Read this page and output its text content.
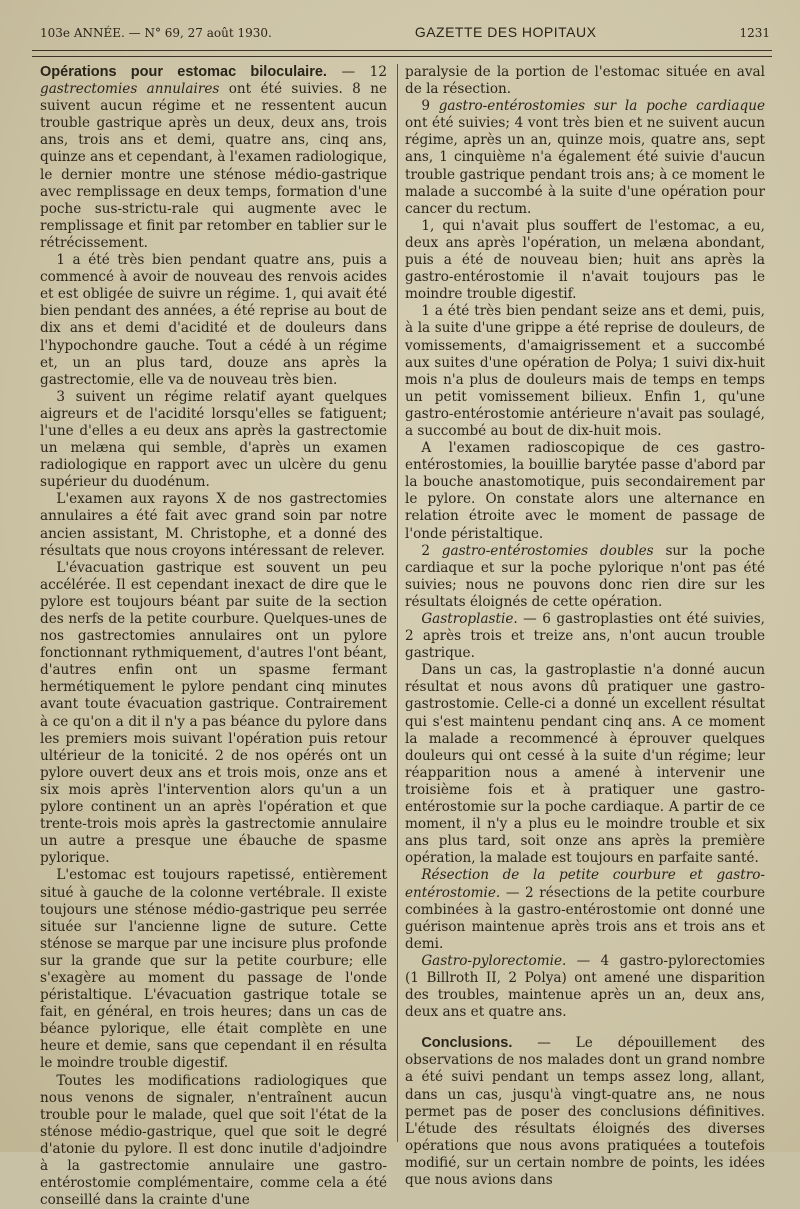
103e ANNÉE. — N° 69, 27 août 1930.	GAZETTE DES HOPITAUX	1231

Opérations pour estomac biloculaire. — 12 gastrectomies annulaires ont été suivies. 8 ne suivent aucun régime et ne ressentent aucun trouble gastrique après un deux, deux ans, trois ans, trois ans et demi, quatre ans, cinq ans, quinze ans et cependant, à l'examen radiologique, le dernier montre une sténose médio-gastrique avec remplissage en deux temps, formation d'une poche sus-strictu-rale qui augmente avec le remplissage et finit par retomber en tablier sur le rétrécissement.

1 a été très bien pendant quatre ans, puis a commencé à avoir de nouveau des renvois acides et est obligée de suivre un régime. 1, qui avait été bien pendant des années, a été reprise au bout de dix ans et demi d'acidité et de douleurs dans l'hypochondre gauche. Tout a cédé à un régime et, un an plus tard, douze ans après la gastrectomie, elle va de nouveau très bien.

3 suivent un régime relatif ayant quelques aigreurs et de l'acidité lorsqu'elles se fatiguent; l'une d'elles a eu deux ans après la gastrectomie un melæna qui semble, d'après un examen radiologique en rapport avec un ulcère du genu supérieur du duodénum.

L'examen aux rayons X de nos gastrectomies annulaires a été fait avec grand soin par notre ancien assistant, M. Christophe, et a donné des résultats que nous croyons intéressant de relever.

L'évacuation gastrique est souvent un peu accélérée. Il est cependant inexact de dire que le pylore est toujours béant par suite de la section des nerfs de la petite courbure. Quelques-unes de nos gastrectomies annulaires ont un pylore fonctionnant rythmiquement, d'autres l'ont béant, d'autres enfin ont un spasme fermant hermétiquement le pylore pendant cinq minutes avant toute évacuation gastrique. Contrairement à ce qu'on a dit il n'y a pas béance du pylore dans les premiers mois suivant l'opération puis retour ultérieur de la tonicité. 2 de nos opérés ont un pylore ouvert deux ans et trois mois, onze ans et six mois après l'intervention alors qu'un a un pylore continent un an après l'opération et que trente-trois mois après la gastrectomie annulaire un autre a presque une ébauche de spasme pylorique.

L'estomac est toujours rapetissé, entièrement situé à gauche de la colonne vertébrale. Il existe toujours une sténose médio-gastrique peu serrée située sur l'ancienne ligne de suture. Cette sténose se marque par une incisure plus profonde sur la grande que sur la petite courbure; elle s'exagère au moment du passage de l'onde péristaltique. L'évacuation gastrique totale se fait, en général, en trois heures; dans un cas de béance pylorique, elle était complète en une heure et demie, sans que cependant il en résulta le moindre trouble digestif.

Toutes les modifications radiologiques que nous venons de signaler, n'entraînent aucun trouble pour le malade, quel que soit l'état de la sténose médio-gastrique, quel que soit le degré d'atonie du pylore. Il est donc inutile d'adjoindre à la gastrectomie annulaire une gastro-entérostomie complémentaire, comme cela a été conseillé dans la crainte d'une

paralysie de la portion de l'estomac située en aval de la résection.

9 gastro-entérostomies sur la poche cardiaque ont été suivies; 4 vont très bien et ne suivent aucun régime, après un an, quinze mois, quatre ans, sept ans, 1 cinquième n'a également été suivie d'aucun trouble gastrique pendant trois ans; à ce moment le malade a succombé à la suite d'une opération pour cancer du rectum.

1, qui n'avait plus souffert de l'estomac, a eu, deux ans après l'opération, un melæna abondant, puis a été de nouveau bien; huit ans après la gastro-entérostomie il n'avait toujours pas le moindre trouble digestif.

1 a été très bien pendant seize ans et demi, puis, à la suite d'une grippe a été reprise de douleurs, de vomissements, d'amaigrissement et a succombé aux suites d'une opération de Polya; 1 suivi dix-huit mois n'a plus de douleurs mais de temps en temps un petit vomissement bilieux. Enfin 1, qu'une gastro-entérostomie antérieure n'avait pas soulagé, a succombé au bout de dix-huit mois.

A l'examen radioscopique de ces gastro-entérostomies, la bouillie barytée passe d'abord par la bouche anastomotique, puis secondairement par le pylore. On constate alors une alternance en relation étroite avec le moment de passage de l'onde péristaltique.

2 gastro-entérostomies doubles sur la poche cardiaque et sur la poche pylorique n'ont pas été suivies; nous ne pouvons donc rien dire sur les résultats éloignés de cette opération.

Gastroplastie. — 6 gastroplasties ont été suivies, 2 après trois et treize ans, n'ont aucun trouble gastrique.

Dans un cas, la gastroplastie n'a donné aucun résultat et nous avons dû pratiquer une gastro-gastrostomie. Celle-ci a donné un excellent résultat qui s'est maintenu pendant cinq ans. A ce moment la malade a recommencé à éprouver quelques douleurs qui ont cessé à la suite d'un régime; leur réapparition nous a amené à intervenir une troisième fois et à pratiquer une gastro-entérostomie sur la poche cardiaque. A partir de ce moment, il n'y a plus eu le moindre trouble et six ans plus tard, soit onze ans après la première opération, la malade est toujours en parfaite santé.

Résection de la petite courbure et gastro-entérostomie. — 2 résections de la petite courbure combinées à la gastro-entérostomie ont donné une guérison maintenue après trois ans et trois ans et demi.

Gastro-pylorectomie. — 4 gastro-pylorectomies (1 Billroth II, 2 Polya) ont amené une disparition des troubles, maintenue après un an, deux ans, deux ans et quatre ans.

Conclusions. — Le dépouillement des observations de nos malades dont un grand nombre a été suivi pendant un temps assez long, allant, dans un cas, jusqu'à vingt-quatre ans, ne nous permet pas de poser des conclusions définitives. L'étude des résultats éloignés des diverses opérations que nous avons pratiquées a toutefois modifié, sur un certain nombre de points, les idées que nous avions dans
